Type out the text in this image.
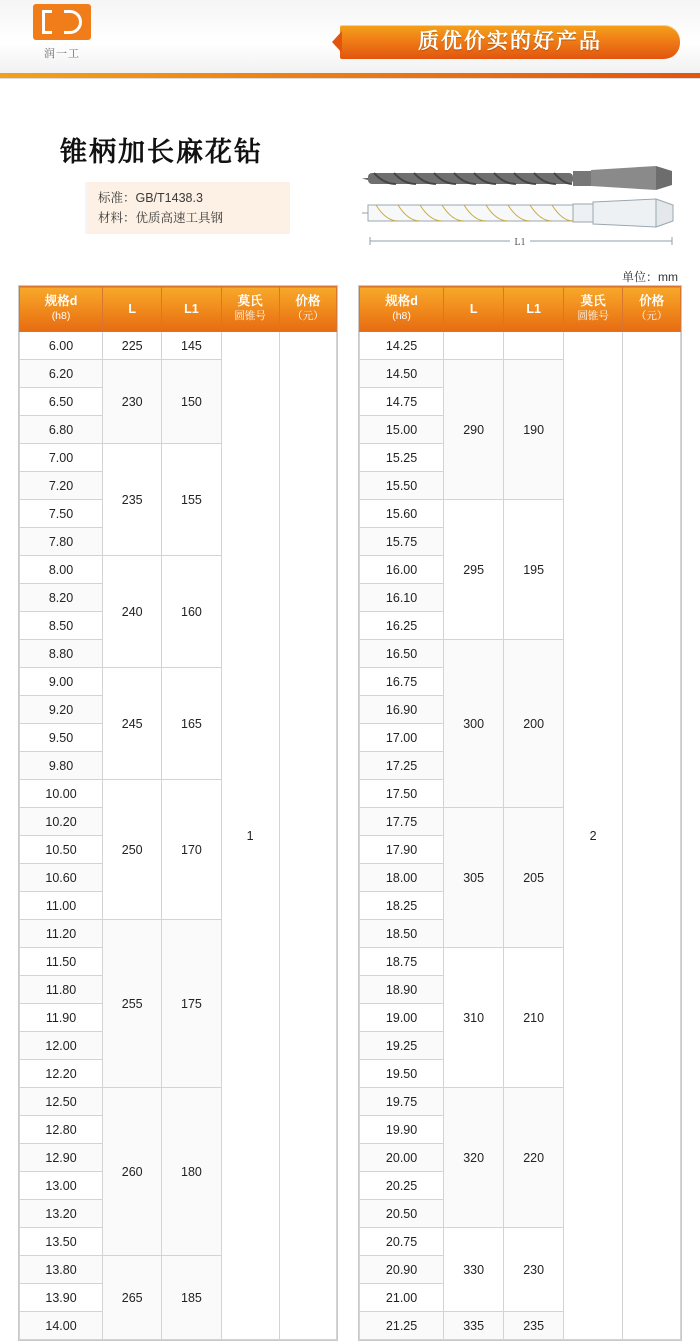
润一工
质优价实的好产品
锥柄加长麻花钻
标准：GB/T1438.3
材料：优质高速工具钢
L1
单位：mm
规格d
(h8)	L	L1	莫氏
圆锥号	价格
（元）

6.00	225	145	1	
6.20	230	150		
6.50				
6.80				
7.00	235	155		
7.20				
7.50				
7.80				
8.00	240	160		
8.20				
8.50				
8.80				
9.00	245	165		
9.20				
9.50				
9.80				
10.00	250	170		
10.20				
10.50				
10.60				
11.00				
11.20	255	175		
11.50				
11.80				
11.90				
12.00				
12.20				
12.50	260	180		
12.80				
12.90				
13.00				
13.20				
13.50				
13.80	265	185		
13.90				
14.00				
规格d
(h8)	L	L1	莫氏
圆锥号	价格
（元）

14.25			2	
14.50	290	190		
14.75				
15.00				
15.25				
15.50				
15.60	295	195		
15.75				
16.00				
16.10				
16.25				
16.50	300	200		
16.75				
16.90				
17.00				
17.25				
17.50				
17.75	305	205		
17.90				
18.00				
18.25				
18.50				
18.75	310	210		
18.90				
19.00				
19.25				
19.50				
19.75	320	220		
19.90				
20.00				
20.25				
20.50				
20.75	330	230		
20.90				
21.00				
21.25	335	235		
